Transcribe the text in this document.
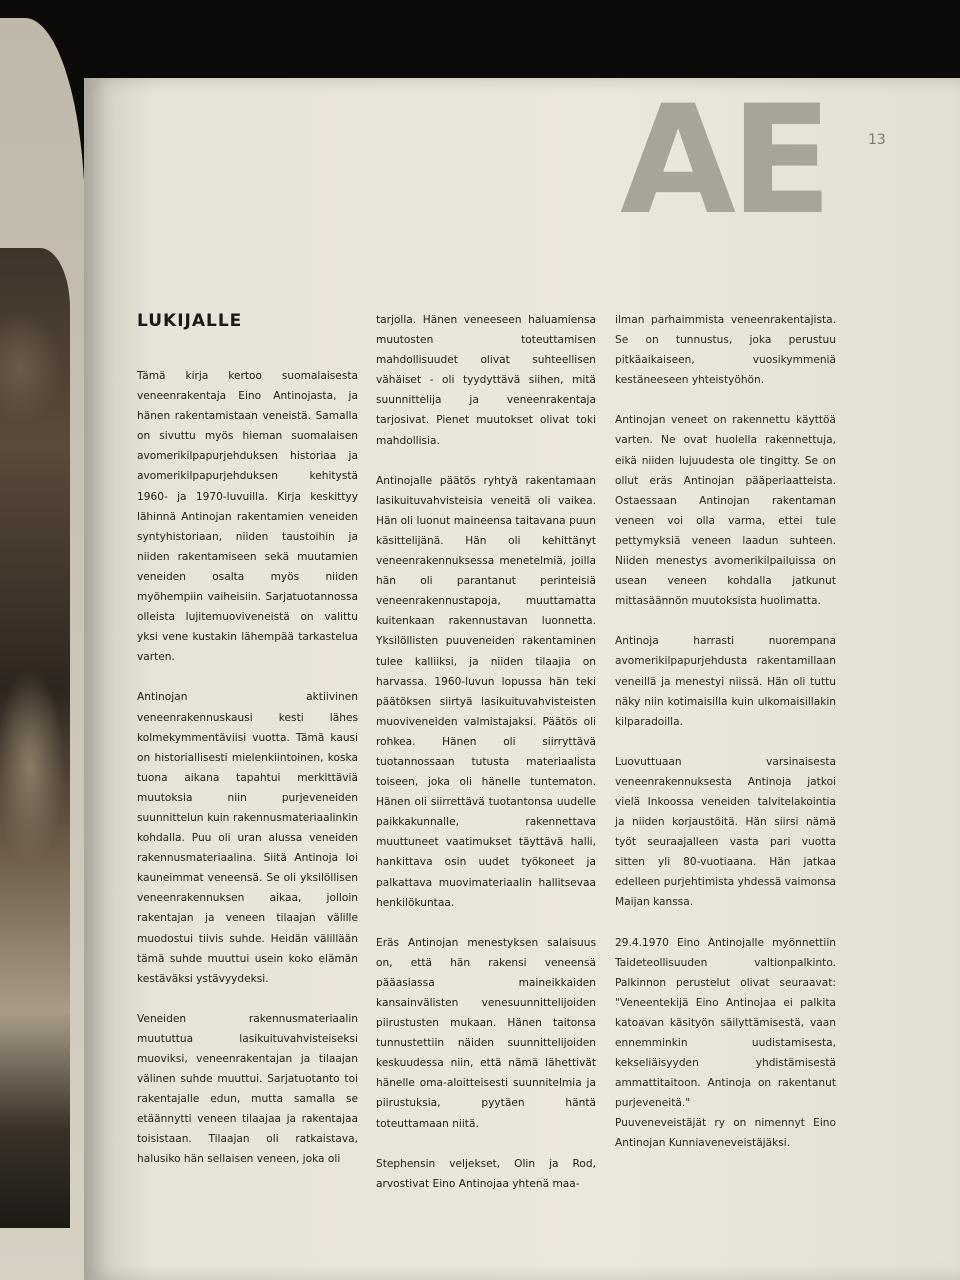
AE	13

LUKIJALLE

Tämä kirja kertoo suomalaisesta veneenrakentaja Eino Antinojasta, ja hänen rakentamistaan veneistä. Samalla on sivuttu myös hieman suomalaisen avomerikilpapurjehduksen historiaa ja avomerikilpapurjehduksen kehitystä 1960- ja 1970-luvuilla. Kirja keskittyy lähinnä Antinojan rakentamien veneiden syntyhistoriaan, niiden taustoihin ja niiden rakentamiseen sekä muutamien veneiden osalta myös niiden myöhempiin vaiheisiin. Sarjatuotannossa olleista lujitemuoviveneistä on valittu yksi vene kustakin lähempää tarkastelua varten.

Antinojan aktiivinen veneenrakennuskausi kesti lähes kolmekymmentäviisi vuotta. Tämä kausi on historiallisesti mielenkiintoinen, koska tuona aikana tapahtui merkittäviä muutoksia niin purjeveneiden suunnittelun kuin rakennusmateriaalinkin kohdalla. Puu oli uran alussa veneiden rakennusmateriaalina. Siitä Antinoja loi kauneimmat veneensä. Se oli yksilöllisen veneenrakennuksen aikaa, jolloin rakentajan ja veneen tilaajan välille muodostui tiivis suhde. Heidän välillään tämä suhde muuttui usein koko elämän kestäväksi ystävyydeksi.

Veneiden rakennusmateriaalin muututtua lasikuituvahvisteiseksi muoviksi, veneenrakentajan ja tilaajan välinen suhde muuttui. Sarjatuotanto toi rakentajalle edun, mutta samalla se etäännytti veneen tilaajaa ja rakentajaa toisistaan. Tilaajan oli ratkaistava, halusiko hän sellaisen veneen, joka oli

tarjolla. Hänen veneeseen haluamiensa muutosten toteuttamisen mahdollisuudet olivat suhteellisen vähäiset - oli tyydyttävä siihen, mitä suunnittelija ja veneenrakentaja tarjosivat. Pienet muutokset olivat toki mahdollisia.

Antinojalle päätös ryhtyä rakentamaan lasikuituvahvisteisia veneitä oli vaikea. Hän oli luonut maineensa taitavana puun käsittelijänä. Hän oli kehittänyt veneenrakennuksessa menetelmiä, joilla hän oli parantanut perinteisiä veneenrakennustapoja, muuttamatta kuitenkaan rakennustavan luonnetta. Yksilöllisten puuveneiden rakentaminen tulee kalliiksi, ja niiden tilaajia on harvassa. 1960-luvun lopussa hän teki päätöksen siirtyä lasikuituvahvisteisten muoviveneiden valmistajaksi. Päätös oli rohkea. Hänen oli siirryttävä tuotannossaan tutusta materiaalista toiseen, joka oli hänelle tuntematon. Hänen oli siirrettävä tuotantonsa uudelle paikkakunnalle, rakennettava muuttuneet vaatimukset täyttävä halli, hankittava osin uudet työkoneet ja palkattava muovimateriaalin hallitsevaa henkilökuntaa.

Eräs Antinojan menestyksen salaisuus on, että hän rakensi veneensä pääasiassa maineikkaiden kansainvälisten venesuunnittelijoiden piirustusten mukaan. Hänen taitonsa tunnustettiin näiden suunnittelijoiden keskuudessa niin, että nämä lähettivät hänelle oma-aloitteisesti suunnitelmia ja piirustuksia, pyytäen häntä toteuttamaan niitä.

Stephensin veljekset, Olin ja Rod, arvostivat Eino Antinojaa yhtenä maa-

ilman parhaimmista veneenrakentajista. Se on tunnustus, joka perustuu pitkäaikaiseen, vuosikymmeniä kestäneeseen yhteistyöhön.

Antinojan veneet on rakennettu käyttöä varten. Ne ovat huolella rakennettuja, eikä niiden lujuudesta ole tingitty. Se on ollut eräs Antinojan pääperiaatteista. Ostaessaan Antinojan rakentaman veneen voi olla varma, ettei tule pettymyksiä veneen laadun suhteen. Niiden menestys avomerikilpailuissa on usean veneen kohdalla jatkunut mittasäännön muutoksista huolimatta.

Antinoja harrasti nuorempana avomerikilpapurjehdusta rakentamillaan veneillä ja menestyi niissä. Hän oli tuttu näky niin kotimaisilla kuin ulkomaisillakin kilparadoilla.

Luovuttuaan varsinaisesta veneenrakennuksesta Antinoja jatkoi vielä Inkoossa veneiden talvitelakointia ja niiden korjaustöitä. Hän siirsi nämä työt seuraajalleen vasta pari vuotta sitten yli 80-vuotiaana. Hän jatkaa edelleen purjehtimista yhdessä vaimonsa Maijan kanssa.

29.4.1970 Eino Antinojalle myönnettiin Taideteollisuuden valtionpalkinto. Palkinnon perustelut olivat seuraavat: "Veneentekijä Eino Antinojaa ei palkita katoavan käsityön säilyttämisestä, vaan ennemminkin uudistamisesta, kekseliäisyyden yhdistämisestä ammattitaitoon. Antinoja on rakentanut purjeveneitä."

Puuveneveistäjät ry on nimennyt Eino Antinojan Kunniaveneveistäjäksi.
